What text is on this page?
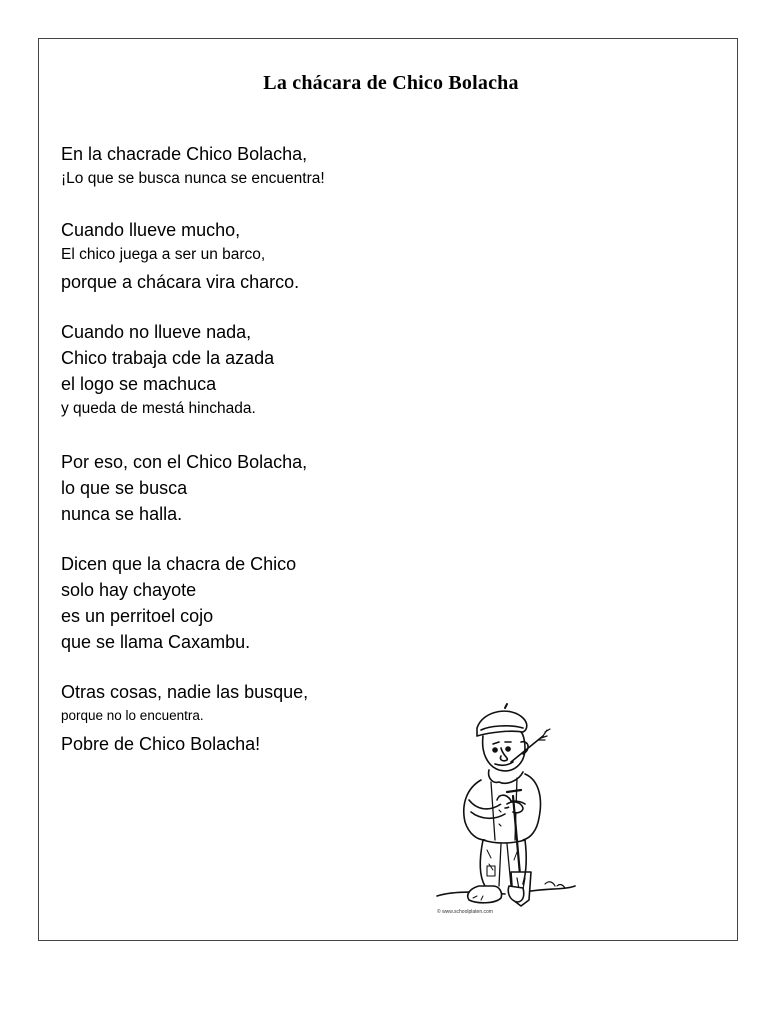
La chácara de Chico Bolacha
En la chacrade Chico Bolacha,
¡Lo que se busca nunca se encuentra!
Cuando llueve mucho,
El chico juega a ser un barco,
porque a chácara vira charco.
Cuando no llueve nada,
Chico trabaja cde la azada
el logo se machuca
y queda de mestá hinchada.
Por eso, con el Chico Bolacha,
lo que se busca
nunca se halla.
Dicen que la chacra de Chico
solo hay chayote
es un perritoel cojo
que se llama Caxambu.
Otras cosas, nadie las busque,
porque no lo encuentra.
Pobre de Chico Bolacha!
© www.schoolplaten.com
